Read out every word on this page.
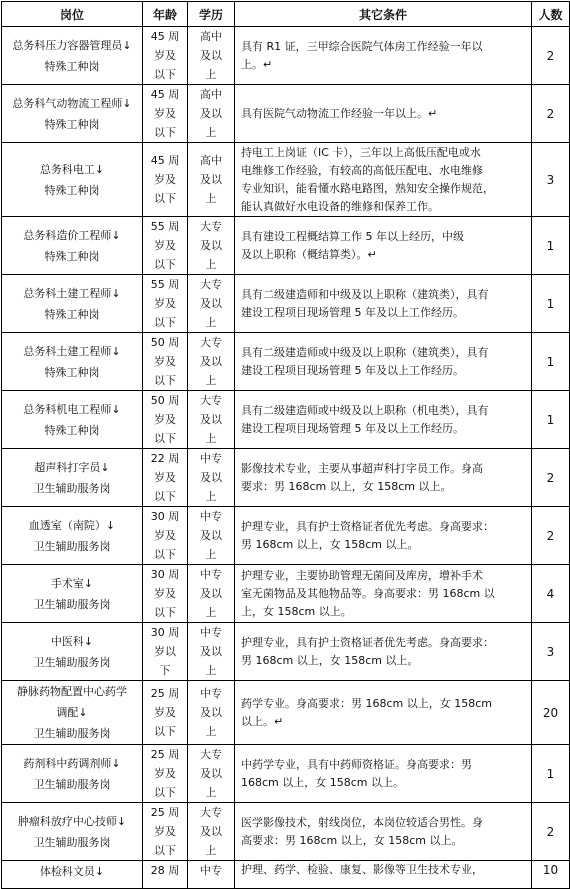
岗位	年龄	学历	其它条件	人数
总务科压力容器管理员↓
特殊工种岗	45 周
岁及
以下	高中
及以
上	具有 R1 证，三甲综合医院气体房工作经验一年以
上。↵	2
总务科气动物流工程师↓
特殊工种岗	45 周
岁及
以下	高中
及以
上	具有医院气动物流工作经验一年以上。↵	2
总务科电工↓
特殊工种岗	45 周
岁及
以下	高中
及以
上	持电工上岗证（IC 卡），三年以上高低压配电或水
电维修工作经验，有较高的高低压配电、水电维修
专业知识，能看懂水路电路图，熟知安全操作规范，
能认真做好水电设备的维修和保养工作。	3
总务科造价工程师↓
特殊工种岗	55 周
岁及
以下	大专
及以
上	具有建设工程概结算工作 5 年以上经历，中级
及以上职称（概结算类）。↵	1
总务科土建工程师↓
特殊工种岗	55 周
岁及
以下	大专
及以
上	具有二级建造师和中级及以上职称（建筑类），具有
建设工程项目现场管理 5 年及以上工作经历。	1
总务科土建工程师↓
特殊工种岗	50 周
岁及
以下	大专
及以
上	具有二级建造师或中级及以上职称（建筑类），具有
建设工程项目现场管理 5 年及以上工作经历。	1
总务科机电工程师↓
特殊工种岗	50 周
岁及
以下	大专
及以
上	具有二级建造师或中级及以上职称（机电类），具有
建设工程项目现场管理 5 年及以上工作经历。	1
超声科打字员↓
卫生辅助服务岗	22 周
岁及
以下	中专
及以
上	影像技术专业，主要从事超声科打字员工作。身高
要求：男 168cm 以上，女 158cm 以上。	2
血透室（南院）↓
卫生辅助服务岗	30 周
岁及
以下	中专
及以
上	护理专业，具有护士资格证者优先考虑。身高要求：
男 168cm 以上，女 158cm 以上。	2
手术室↓
卫生辅助服务岗	30 周
岁及
以下	中专
及以
上	护理专业，主要协助管理无菌间及库房，增补手术
室无菌物品及其他物品等。身高要求：男 168cm 以
上，女 158cm 以上。	4
中医科↓
卫生辅助服务岗	30 周
岁以
下	中专
及以
上	护理专业，具有护士资格证者优先考虑。身高要求：
男 168cm 以上，女 158cm 以上。	3
静脉药物配置中心药学
调配↓
卫生辅助服务岗	25 周
岁及
以下	中专
及以
上	药学专业。身高要求：男 168cm 以上，女 158cm
以上。↵	20
药剂科中药调剂师↓
卫生辅助服务岗	25 周
岁及
以下	大专
及以
上	中药学专业，具有中药师资格证。身高要求：男
168cm 以上，女 158cm 以上。	1
肿瘤科放疗中心技师↓
卫生辅助服务岗	25 周
岁及
以下	大专
及以
上	医学影像技术，射线岗位，本岗位较适合男性。身
高要求：男 168cm 以上，女 158cm 以上。	2
体检科文员↓	28 周	中专	护理、药学、检验、康复、影像等卫生技术专业，	10
